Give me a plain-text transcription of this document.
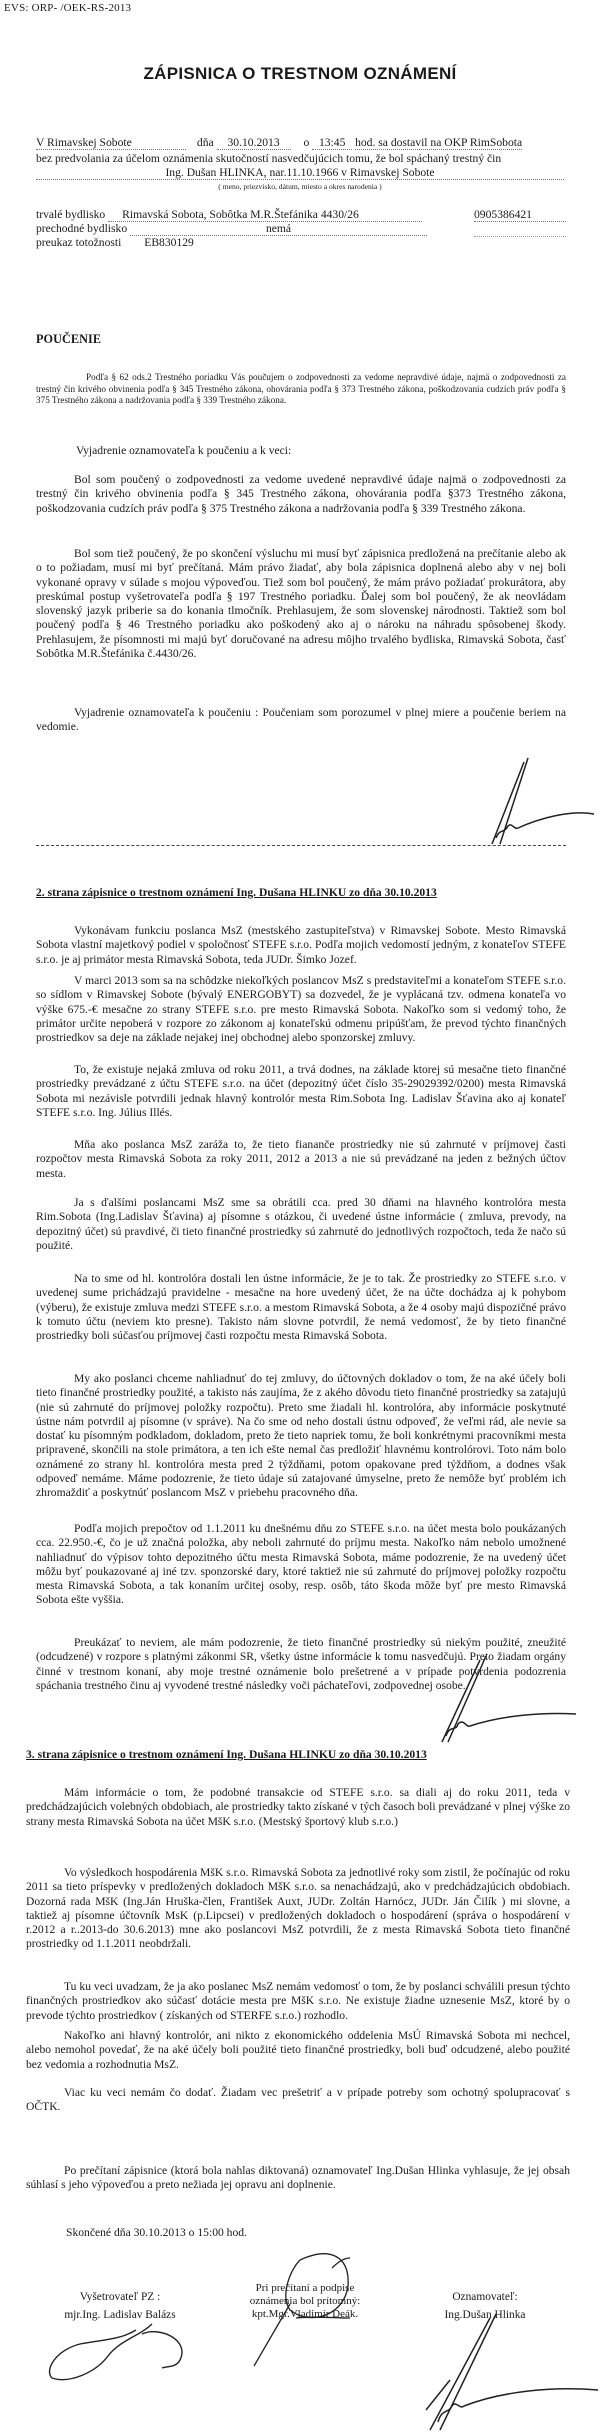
EVS: ORP- /OEK-RS-2013
ZÁPISNICA O TRESTNOM OZNÁMENÍ
V Rimavskej Sobote	dňa 30.10.2013 o 13:45 hod. sa dostavil na OKP RimSobota
bez predvolania za účelom oznámenia skutočností nasvedčujúcich tomu, že bol spáchaný trestný čin
Ing. Dušan HLINKA, nar.11.10.1966 v Rimavskej Sobote
( meno, priezvisko, dátum, miesto a okres narodenia )
trvalé bydlisko Rimavská Sobota, Sobôtka M.R.Štefánika 4430/26	0905386421
prechodné bydlisko	nemá
preukaz totožnosti EB830129
POUČENIE
Podľa § 62 ods.2 Trestného poriadku Vás poučujem o zodpovednosti za vedome nepravdivé údaje, najmä o zodpovednosti za trestný čin krivého obvinenia podľa § 345 Trestného zákona, ohovárania podľa § 373 Trestného zákona, poškodzovania cudzích práv podľa § 375 Trestného zákona a nadržovania podľa § 339 Trestného zákona.
Vyjadrenie oznamovateľa k poučeniu a k veci:
Bol som poučený o zodpovednosti za vedome uvedené nepravdivé údaje najmä o zodpovednosti za trestný čin krivého obvinenia podľa § 345 Trestného zákona, ohovárania podľa §373 Trestného zákona, poškodzovania cudzích práv podľa § 375 Trestného zákona a nadržovania podľa § 339 Trestného zákona.
Bol som tiež poučený, že po skončení výsluchu mi musí byť zápisnica predložená na prečítanie alebo ak o to požiadam, musí mi byť prečítaná. Mám právo žiadať, aby bola zápisnica doplnená alebo aby v nej boli vykonané opravy v súlade s mojou výpoveďou. Tiež som bol poučený, že mám právo požiadať prokurátora, aby preskúmal postup vyšetrovateľa podľa § 197 Trestného poriadku. Ďalej som bol poučený, že ak neovládam slovenský jazyk priberie sa do konania tlmočník. Prehlasujem, že som slovenskej národnosti. Taktiež som bol poučený podľa § 46 Trestného poriadku ako poškodený ako aj o nároku na náhradu spôsobenej škody. Prehlasujem, že písomnosti mi majú byť doručované na adresu môjho trvalého bydliska, Rimavská Sobota, časť Sobôtka M.R.Štefánika č.4430/26.
Vyjadrenie oznamovateľa k poučeniu : Poučeniam som porozumel v plnej miere a poučenie beriem na vedomie.
2. strana zápisnice o trestnom oznámení Ing. Dušana HLINKU zo dňa 30.10.2013
Vykonávam funkciu poslanca MsZ (mestského zastupiteľstva) v Rimavskej Sobote. Mesto Rimavská Sobota vlastní majetkový podiel v spoločnosť STEFE s.r.o. Podľa mojich vedomostí jedným, z konateľov STEFE s.r.o. je aj primátor mesta Rimavská Sobota, teda JUDr. Šimko Jozef.
V marci 2013 som sa na schôdzke niekoľkých poslancov MsZ s predstaviteľmi a konateľom STEFE s.r.o. so sídlom v Rimavskej Sobote (bývalý ENERGOBYT) sa dozvedel, že je vyplácaná tzv. odmena konateľa vo výške 675.-€ mesačne zo strany STEFE s.r.o. pre mesto Rimavská Sobota. Nakoľko som si vedomý toho, že primátor určite nepoberá v rozpore zo zákonom aj konateľskú odmenu pripúšťam, že prevod týchto finančných prostriedkov sa deje na základe nejakej inej obchodnej alebo sponzorskej zmluvy.
To, že existuje nejaká zmluva od roku 2011, a trvá dodnes, na základe ktorej sú mesačne tieto finančné prostriedky prevádzané z účtu STEFE s.r.o. na účet (depozitný účet číslo 35-29029392/0200) mesta Rimavská Sobota mi nezávisle potvrdili jednak hlavný kontrolór mesta Rim.Sobota Ing. Ladislav Šťavina ako aj konateľ STEFE s.r.o. Ing. Július Illés.
Mňa ako poslanca MsZ zaráža to, že tieto fiananče prostriedky nie sú zahrnuté v príjmovej časti rozpočtov mesta Rimavská Sobota za roky 2011, 2012 a 2013 a nie sú prevádzané na jeden z bežných účtov mesta.
Ja s ďalšími poslancami MsZ sme sa obrátili cca. pred 30 dňami na hlavného kontrolóra mesta Rim.Sobota (Ing.Ladislav Šťavina) aj písomne s otázkou, či uvedené ústne informácie ( zmluva, prevody, na depozitný účet) sú pravdivé, či tieto finančné prostriedky sú zahrnuté do jednotlivých rozpočtoch, teda že načo sú použité.
Na to sme od hl. kontrolóra dostali len ústne informácie, že je to tak. Že prostriedky zo STEFE s.r.o. v uvedenej sume prichádzajú pravidelne - mesačne na hore uvedený účet, že na účte dochádza aj k pohybom (výberu), že existuje zmluva medzi STEFE s.r.o. a mestom Rimavská Sobota, a že 4 osoby majú dispozičné právo k tomuto účtu (neviem kto presne). Takisto nám slovne potvrdil, že nemá vedomosť, že by tieto finančné prostriedky boli súčasťou príjmovej časti rozpočtu mesta Rimavská Sobota.
My ako poslanci chceme nahliadnuť do tej zmluvy, do účtovných dokladov o tom, že na aké účely boli tieto finančné prostriedky použité, a takisto nás zaujíma, že z akého dôvodu tieto finančné prostriedky sa zatajujú (nie sú zahrnuté do príjmovej položky rozpočtu). Preto sme žiadali hl. kontrolóra, aby informácie poskytnuté ústne nám potvrdil aj písomne (v správe). Na čo sme od neho dostali ústnu odpoveď, že veľmi rád, ale nevie sa dostať ku písomným podkladom, dokladom, preto že tieto napriek tomu, že boli konkrétnymi pracovníkmi mesta pripravené, skončili na stole primátora, a ten ich ešte nemal čas predložiť hlavnému kontrolórovi. Toto nám bolo oznámené zo strany hl. kontrolóra mesta pred 2 týždňami, potom opakovane pred týždňom, a dodnes však odpoveď nemáme. Máme podozrenie, že tieto údaje sú zatajované úmyselne, preto že nemôže byť problém ich zhromaždiť a poskytnúť poslancom MsZ v priebehu pracovného dňa.
Podľa mojich prepočtov od 1.1.2011 ku dnešnému dňu zo STEFE s.r.o. na účet mesta bolo poukázaných cca. 22.950.-€, čo je už značná položka, aby neboli zahrnuté do príjmu mesta. Nakoľko nám nebolo umožnené nahliadnuť do výpisov tohto depozitného účtu mesta Rimavská Sobota, máme podozrenie, že na uvedený účet môžu byť poukazované aj iné tzv. sponzorské dary, ktoré taktiež nie sú zahrnuté do príjmovej položky rozpočtu mesta Rimavská Sobota, a tak konaním určitej osoby, resp. osôb, táto škoda môže byť pre mesto Rimavská Sobota ešte vyššia.
Preukázať to neviem, ale mám podozrenie, že tieto finančné prostriedky sú niekým použité, zneužité (odcudzené) v rozpore s platnými zákonmi SR, všetky ústne informácie k tomu nasvedčujú. Preto žiadam orgány činné v trestnom konaní, aby moje trestné oznámenie bolo prešetrené a v prípade potvrdenia podozrenia spáchania trestného činu aj vyvodené trestné následky voči páchateľovi, zodpovednej osobe..
3. strana zápisnice o trestnom oznámení Ing. Dušana HLINKU zo dňa 30.10.2013
Mám informácie o tom, že podobné transakcie od STEFE s.r.o. sa diali aj do roku 2011, teda v predchádzajúcich volebných obdobiach, ale prostriedky takto získané v tých časoch boli prevádzané v plnej výške zo strany mesta Rimavská Sobota na účet MšK s.r.o. (Mestský športový klub s.r.o.)
Vo výsledkoch hospodárenia MšK s.r.o. Rimavská Sobota za jednotlivé roky som zistil, že počínajúc od roku 2011 sa tieto príspevky v predložených dokladoch MšK s.r.o. sa nenachádzajú, ako v predchádzajúcich obdobiach. Dozorná rada MšK (Ing.Ján Hruška-člen, František Auxt, JUDr. Zoltán Harnócz, JUDr. Ján Čilík ) mi slovne, a taktiež aj písomne účtovník MsK (p.Lipcsei) v predložených dokladoch o hospodárení (správa o hospodárení v r.2012 a r..2013-do 30.6.2013) mne ako poslancovi MsZ potvrdili, že z mesta Rimavská Sobota tieto finančné prostriedky od 1.1.2011 neobdržali.
Tu ku veci uvadzam, že ja ako poslanec MsZ nemám vedomosť o tom, že by poslanci schválili presun týchto finančných prostriedkov ako súčasť dotácie mesta pre MšK s.r.o. Ne existuje žiadne uznesenie MsZ, ktoré by o prevode týchto prostriedkov ( získaných od STERFE s.r.o.) rozhodlo.
Nakoľko ani hlavný kontrolór, ani nikto z ekonomického oddelenia MsÚ Rimavská Sobota mi nechcel, alebo nemohol povedať, že na aké účely boli použité tieto finančné prostriedky, boli buď odcudzené, alebo použité bez vedomia a rozhodnutia MsZ.
Viac ku veci nemám čo dodať. Žiadam vec prešetriť a v prípade potreby som ochotný spolupracovať s OČTK.
Po prečítaní zápisnice (ktorá bola nahlas diktovaná) oznamovateľ Ing.Dušan Hlinka vyhlasuje, že jej obsah súhlasí s jeho výpoveďou a preto nežiada jej opravu ani doplnenie.
Skončené dňa 30.10.2013 o 15:00 hod.
Vyšetrovateľ PZ :
mjr.Ing. Ladislav Balázs
Pri prečítaní a podpise
oznámenia bol prítomný:
kpt.Mgr.Vladimír Deák.
Oznamovateľ:
Ing.Dušan Hlinka
